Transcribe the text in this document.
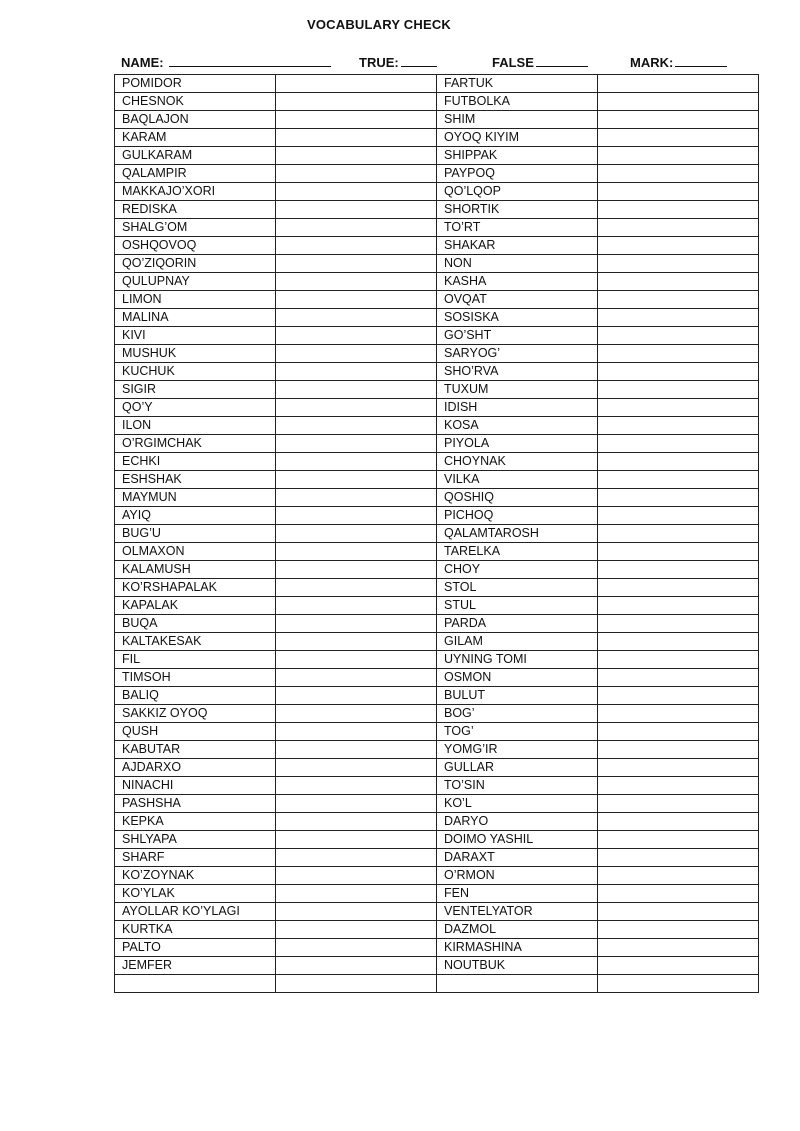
VOCABULARY CHECK
NAME:	TRUE:	FALSE	MARK:
POMIDOR		FARTUK	
CHESNOK		FUTBOLKA	
BAQLAJON		SHIM	
KARAM		OYOQ KIYIM	
GULKARAM		SHIPPAK	
QALAMPIR		PAYPOQ	
MAKKAJO’XORI		QO’LQOP	
REDISKA		SHORTIK	
SHALG’OM		TO’RT	
OSHQOVOQ		SHAKAR	
QO’ZIQORIN		NON	
QULUPNAY		KASHA	
LIMON		OVQAT	
MALINA		SOSISKA	
KIVI		GO’SHT	
MUSHUK		SARYOG’	
KUCHUK		SHO’RVA	
SIGIR		TUXUM	
QO’Y		IDISH	
ILON		KOSA	
O’RGIMCHAK		PIYOLA	
ECHKI		CHOYNAK	
ESHSHAK		VILKA	
MAYMUN		QOSHIQ	
AYIQ		PICHOQ	
BUG’U		QALAMTAROSH	
OLMAXON		TARELKA	
KALAMUSH		CHOY	
KO’RSHAPALAK		STOL	
KAPALAK		STUL	
BUQA		PARDA	
KALTAKESAK		GILAM	
FIL		UYNING TOMI	
TIMSOH		OSMON	
BALIQ		BULUT	
SAKKIZ OYOQ		BOG’	
QUSH		TOG’	
KABUTAR		YOMG’IR	
AJDARXO		GULLAR	
NINACHI		TO’SIN	
PASHSHA		KO’L	
KEPKA		DARYO	
SHLYAPA		DOIMO YASHIL	
SHARF		DARAXT	
KO’ZOYNAK		O’RMON	
KO’YLAK		FEN	
AYOLLAR KO’YLAGI		VENTELYATOR	
KURTKA		DAZMOL	
PALTO		KIRMASHINA	
JEMFER		NOUTBUK	
